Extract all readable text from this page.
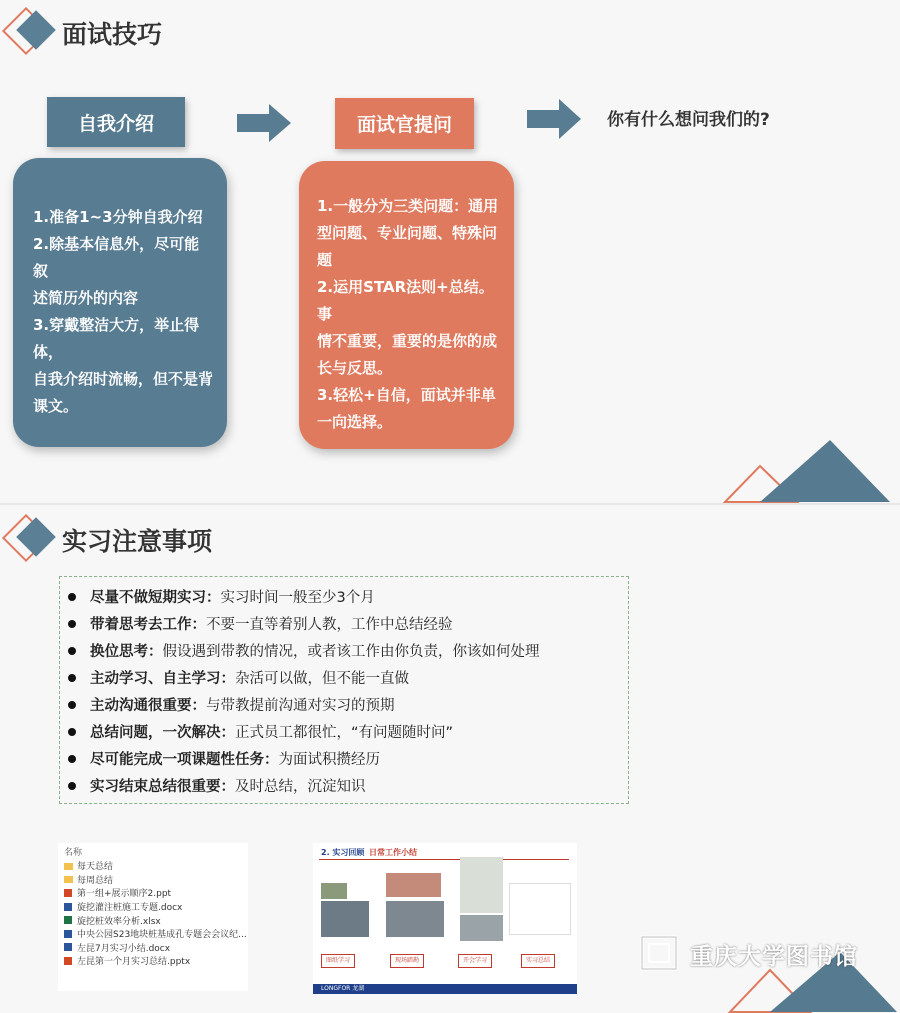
面试技巧
自我介绍
1.准备1~3分钟自我介绍
2.除基本信息外，尽可能叙
述简历外的内容
3.穿戴整洁大方，举止得体，
自我介绍时流畅，但不是背
课文。
面试官提问
1.一般分为三类问题：通用
型问题、专业问题、特殊问
题
2.运用STAR法则+总结。事
情不重要，重要的是你的成
长与反思。
3.轻松+自信，面试并非单
一向选择。
你有什么想问我们的?
实习注意事项
尽量不做短期实习： 实习时间一般至少3个月
带着思考去工作： 不要一直等着别人教，工作中总结经验
换位思考： 假设遇到带教的情况，或者该工作由你负责，你该如何处理
主动学习、自主学习： 杂活可以做，但不能一直做
主动沟通很重要： 与带教提前沟通对实习的预期
总结问题，一次解决： 正式员工都很忙，“有问题随时问”
尽可能完成一项课题性任务： 为面试积攒经历
实习结束总结很重要： 及时总结，沉淀知识
名称
每天总结
每周总结
第一组+展示顺序2.ppt
旋挖灌注桩施工专题.docx
旋挖桩效率分析.xlsx
中央公园S23地块桩基成孔专题会会议纪...
左昆7月实习小结.docx
左昆第一个月实习总结.pptx
2. 实习回顾 日常工作小结
图纸学习	现场踏勘	开会学习	实习总结
LONGFOR 龙湖
重庆大学图书馆
